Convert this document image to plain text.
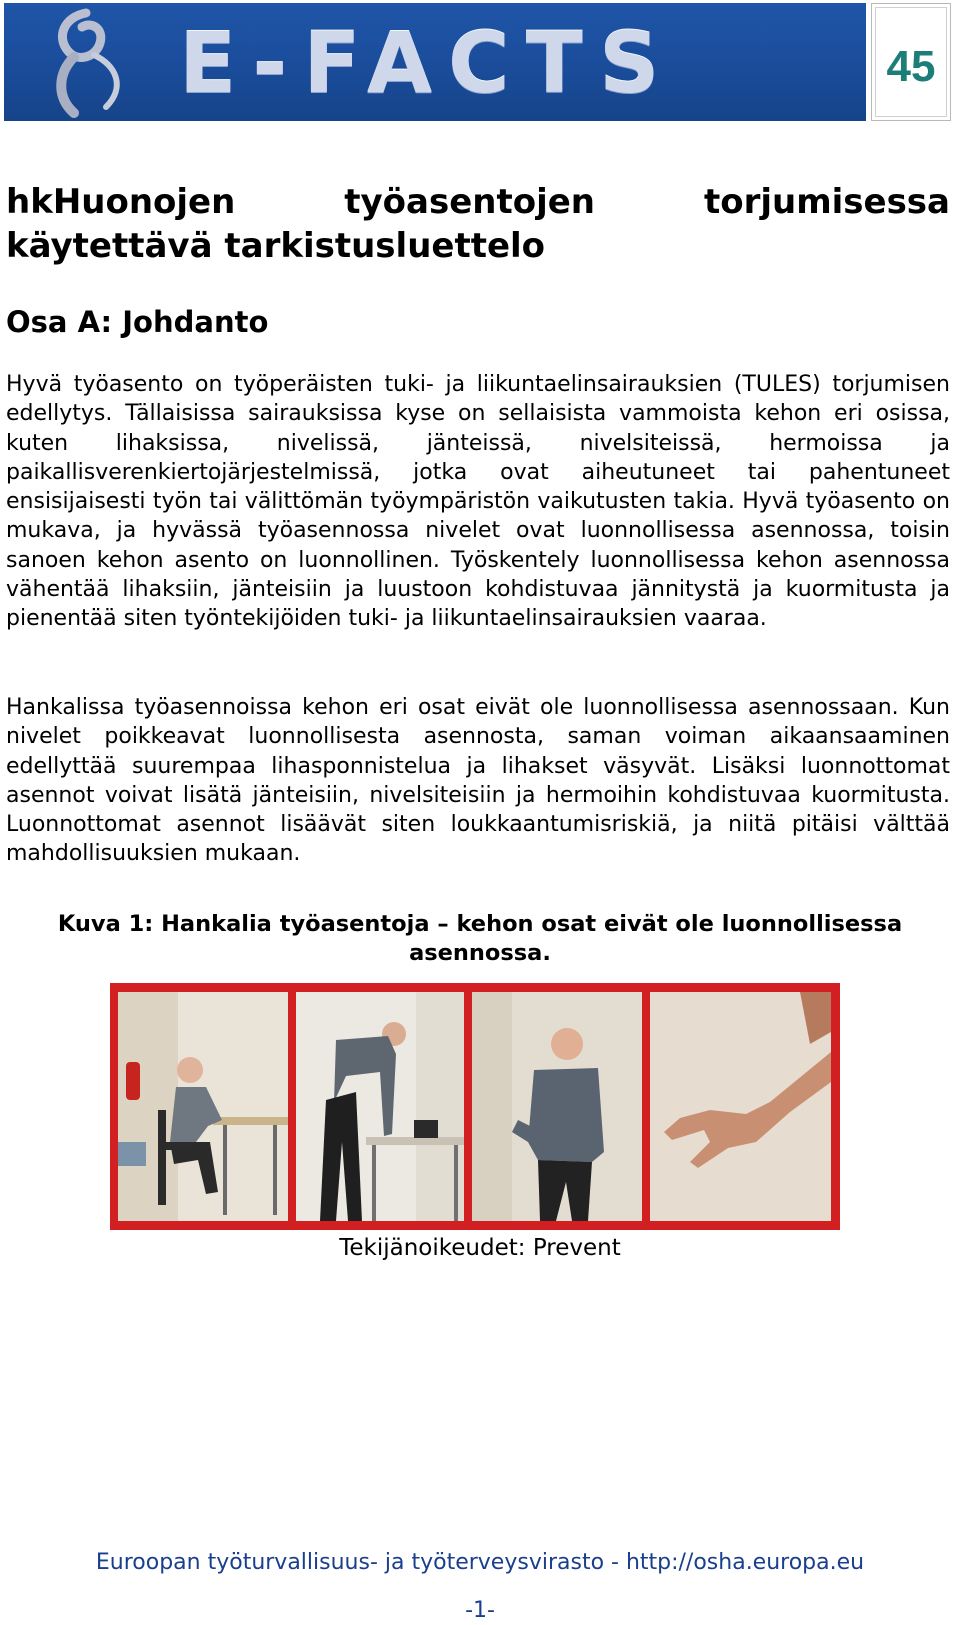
E-FACTS	45
hkHuonojen	työasentojen	torjumisessa
käytettävä tarkistusluettelo
Osa A: Johdanto

Hyvä työasento on työperäisten tuki- ja liikuntaelinsairauksien (TULES) torjumisen edellytys. Tällaisissa sairauksissa kyse on sellaisista vammoista kehon eri osissa, kuten lihaksissa, nivelissä, jänteissä, nivelsiteissä, hermoissa ja paikallisverenkiertojärjestelmissä, jotka ovat aiheutuneet tai pahentuneet ensisijaisesti työn tai välittömän työympäristön vaikutusten takia. Hyvä työasento on mukava, ja hyvässä työasennossa nivelet ovat luonnollisessa asennossa, toisin sanoen kehon asento on luonnollinen. Työskentely luonnollisessa kehon asennossa vähentää lihaksiin, jänteisiin ja luustoon kohdistuvaa jännitystä ja kuormitusta ja pienentää siten työntekijöiden tuki- ja liikuntaelinsairauksien vaaraa.

Hankalissa työasennoissa kehon eri osat eivät ole luonnollisessa asennossaan. Kun nivelet poikkeavat luonnollisesta asennosta, saman voiman aikaansaaminen edellyttää suurempaa lihasponnistelua ja lihakset väsyvät. Lisäksi luonnottomat asennot voivat lisätä jänteisiin, nivelsiteisiin ja hermoihin kohdistuvaa kuormitusta. Luonnottomat asennot lisäävät siten loukkaantumisriskiä, ja niitä pitäisi välttää mahdollisuuksien mukaan.

Kuva 1: Hankalia työasentoja – kehon osat eivät ole luonnollisessa asennossa.

Tekijänoikeudet: Prevent
Euroopan työturvallisuus- ja työterveysvirasto - http://osha.europa.eu
-1-
